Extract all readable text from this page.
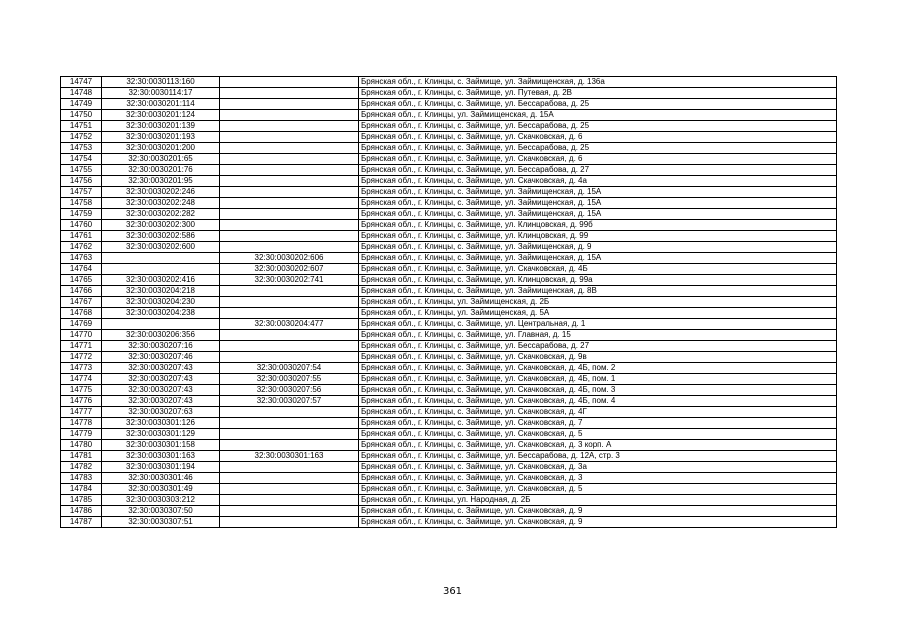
14747	32:30:0030113:160		Брянская обл., г. Клинцы, с. Займище, ул. Займищенская, д. 136а
14748	32:30:0030114:17		Брянская обл., г. Клинцы, с. Займище, ул. Путевая, д. 2В
14749	32:30:0030201:114		Брянская обл., г. Клинцы, с. Займище, ул. Бессарабова, д. 25
14750	32:30:0030201:124		Брянская обл., г. Клинцы, ул. Займищенская, д. 15А
14751	32:30:0030201:139		Брянская обл., г. Клинцы, с. Займище, ул. Бессарабова, д. 25
14752	32:30:0030201:193		Брянская обл., г. Клинцы, с. Займище, ул. Скачковская, д. 6
14753	32:30:0030201:200		Брянская обл., г. Клинцы, с. Займище, ул. Бессарабова, д. 25
14754	32:30:0030201:65		Брянская обл., г. Клинцы, с. Займище, ул. Скачковская, д. 6
14755	32:30:0030201:76		Брянская обл., г. Клинцы, с. Займище, ул. Бессарабова, д. 27
14756	32:30:0030201:95		Брянская обл., г. Клинцы, с. Займище, ул. Скачковская, д. 4а
14757	32:30:0030202:246		Брянская обл., г. Клинцы, с. Займище, ул. Займищенская, д. 15А
14758	32:30:0030202:248		Брянская обл., г. Клинцы, с. Займище, ул. Займищенская, д. 15А
14759	32:30:0030202:282		Брянская обл., г. Клинцы, с. Займище, ул. Займищенская, д. 15А
14760	32:30:0030202:300		Брянская обл., г. Клинцы, с. Займище, ул. Клинцовская, д. 99б
14761	32:30:0030202:586		Брянская обл., г. Клинцы, с. Займище, ул. Клинцовская, д. 99
14762	32:30:0030202:600		Брянская обл., г. Клинцы, с. Займище, ул. Займищенская, д. 9
14763		32:30:0030202:606	Брянская обл., г. Клинцы, с. Займище, ул. Займищенская, д. 15А
14764		32:30:0030202:607	Брянская обл., г. Клинцы, с. Займище, ул. Скачковская, д. 4Б
14765	32:30:0030202:416	32:30:0030202:741	Брянская обл., г. Клинцы, с. Займище, ул. Клинцовская, д. 99а
14766	32:30:0030204:218		Брянская обл., г. Клинцы, с. Займище, ул. Займищенская, д. 8В
14767	32:30:0030204:230		Брянская обл., г. Клинцы, ул. Займищенская, д. 2Б
14768	32:30:0030204:238		Брянская обл., г. Клинцы, ул. Займищенская, д. 5А
14769		32:30:0030204:477	Брянская обл., г. Клинцы, с. Займище, ул. Центральная, д. 1
14770	32:30:0030206:356		Брянская обл., г. Клинцы, с. Займище, ул. Главная, д. 15
14771	32:30:0030207:16		Брянская обл., г. Клинцы, с. Займище, ул. Бессарабова, д. 27
14772	32:30:0030207:46		Брянская обл., г. Клинцы, с. Займище, ул. Скачковская, д. 9в
14773	32:30:0030207:43	32:30:0030207:54	Брянская обл., г. Клинцы, с. Займище, ул. Скачковская, д. 4Б, пом. 2
14774	32:30:0030207:43	32:30:0030207:55	Брянская обл., г. Клинцы, с. Займище, ул. Скачковская, д. 4Б, пом. 1
14775	32:30:0030207:43	32:30:0030207:56	Брянская обл., г. Клинцы, с. Займище, ул. Скачковская, д. 4Б, пом. 3
14776	32:30:0030207:43	32:30:0030207:57	Брянская обл., г. Клинцы, с. Займище, ул. Скачковская, д. 4Б, пом. 4
14777	32:30:0030207:63		Брянская обл., г. Клинцы, с. Займище, ул. Скачковская, д. 4Г
14778	32:30:0030301:126		Брянская обл., г. Клинцы, с. Займище, ул. Скачковская, д. 7
14779	32:30:0030301:129		Брянская обл., г. Клинцы, с. Займище, ул. Скачковская, д. 5
14780	32:30:0030301:158		Брянская обл., г. Клинцы, с. Займище, ул. Скачковская, д. 3 корп. А
14781	32:30:0030301:163	32:30:0030301:163	Брянская обл., г. Клинцы, с. Займище, ул. Бессарабова, д. 12А, стр. 3
14782	32:30:0030301:194		Брянская обл., г. Клинцы, с. Займище, ул. Скачковская, д. 3а
14783	32:30:0030301:46		Брянская обл., г. Клинцы, с. Займище, ул. Скачковская, д. 3
14784	32:30:0030301:49		Брянская обл., г. Клинцы, с. Займище, ул. Скачковская, д. 5
14785	32:30:0030303:212		Брянская обл., г. Клинцы, ул. Народная, д. 2Б
14786	32:30:0030307:50		Брянская обл., г. Клинцы, с. Займище, ул. Скачковская, д. 9
14787	32:30:0030307:51		Брянская обл., г. Клинцы, с. Займище, ул. Скачковская, д. 9
361
